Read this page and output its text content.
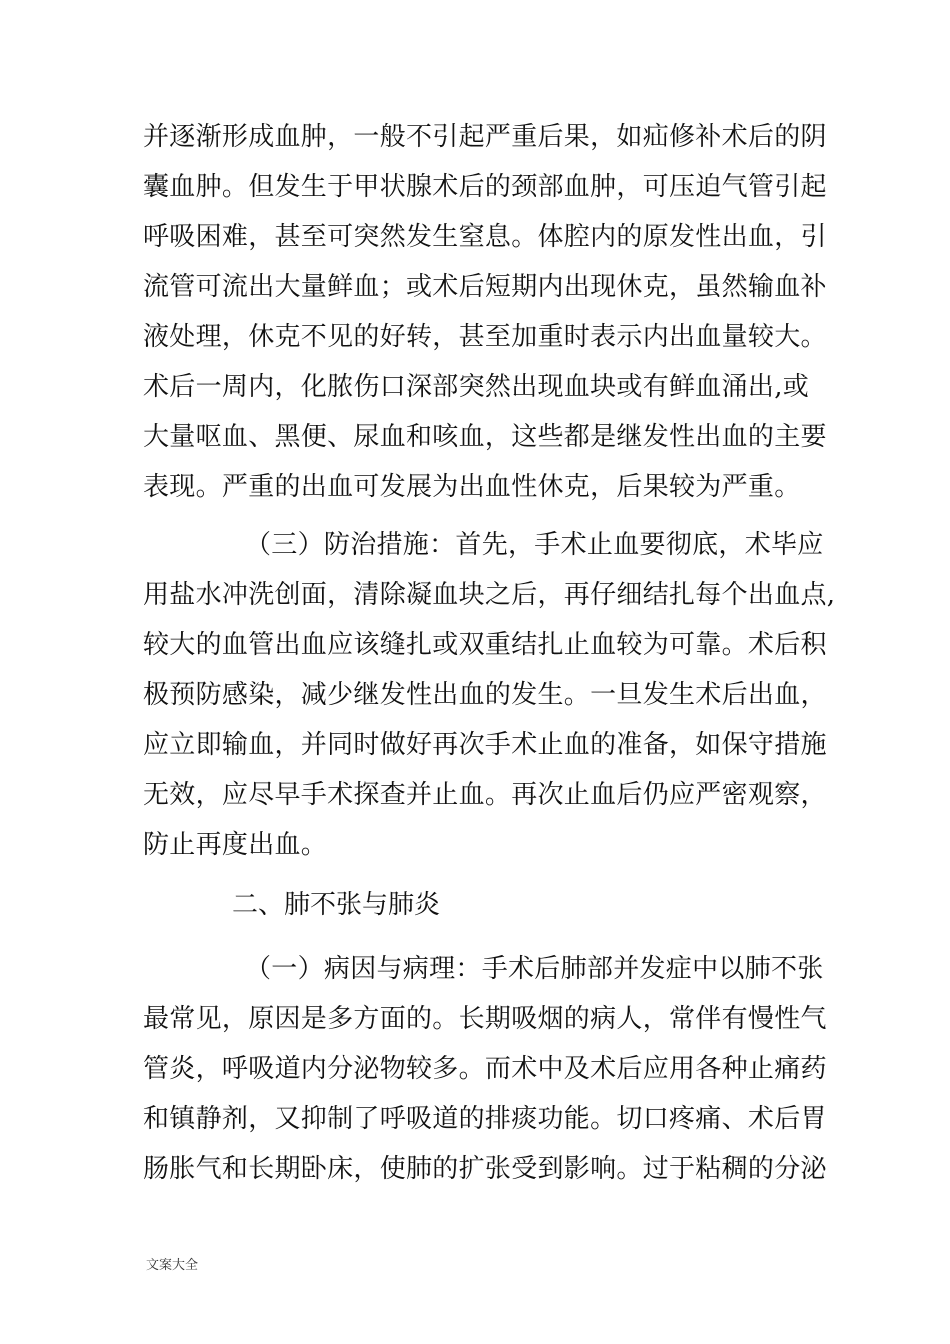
并逐渐形成血肿，一般不引起严重后果，如疝修补术后的阴
囊血肿。但发生于甲状腺术后的颈部血肿，可压迫气管引起
呼吸困难，甚至可突然发生窒息。体腔内的原发性出血，引
流管可流出大量鲜血；或术后短期内出现休克，虽然输血补
液处理，休克不见的好转，甚至加重时表示内出血量较大。
术后一周内，化脓伤口深部突然出现血块或有鲜血涌出,或
大量呕血、黑便、尿血和咳血，这些都是继发性出血的主要
表现。严重的出血可发展为出血性休克，后果较为严重。
（三）防治措施：首先，手术止血要彻底，术毕应
用盐水冲洗创面，清除凝血块之后，再仔细结扎每个出血点,
较大的血管出血应该缝扎或双重结扎止血较为可靠。术后积
极预防感染，减少继发性出血的发生。一旦发生术后出血，
应立即输血，并同时做好再次手术止血的准备，如保守措施
无效，应尽早手术探查并止血。再次止血后仍应严密观察，
防止再度出血。
二、肺不张与肺炎
（一）病因与病理：手术后肺部并发症中以肺不张
最常见，原因是多方面的。长期吸烟的病人，常伴有慢性气
管炎，呼吸道内分泌物较多。而术中及术后应用各种止痛药
和镇静剂，又抑制了呼吸道的排痰功能。切口疼痛、术后胃
肠胀气和长期卧床，使肺的扩张受到影响。过于粘稠的分泌
文案大全
